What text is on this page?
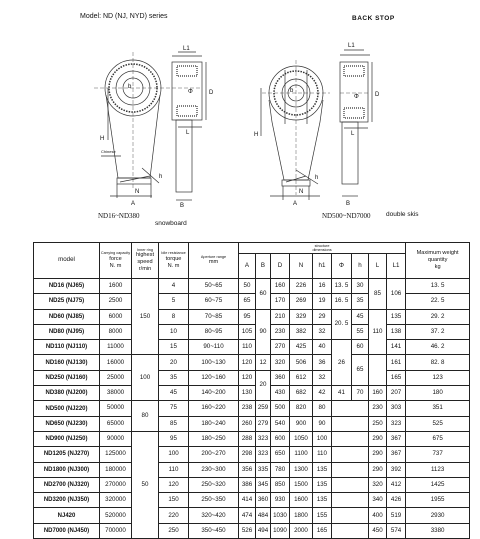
Model: ND (NJ, NYD) series	BACK STOP
L1
D
Φ
L
H
h
A	B
b
N
Chinese
L1
D
Φ
L
H
h
A	B
b
N
ND16~ND380
snowboard
ND500~ND7000 double skis
model	Carrying capacity
force
N. m	Inner ring
highest speed
r/min	Idle resistance
torque
N. m	Aperture range
mm	structure
dimensions									Maximum weight
quantity
kg

					A	B	D	N	h1	Φ	h	L	L1	
ND16 (NJ65)	1600	150	4	50~65	50	60	160	226	16	13. 5	30	85	106	13. 5
ND25 (NJ75)	2500		5	60~75	65		170	269	19	16. 5	35			22. 5
ND60 (NJ85)	6000		8	70~85	95	90	210	329	29	20. 5	45	110	135	29. 2
ND80 (NJ95)	8000		10	80~95	105		230	382	32		55		138	37. 2
ND110 (NJ110)	11000		15	90~110	110		270	425	40	26	60		141	46. 2
ND160 (NJ130)	16000	100	20	100~130	120	12	320	506	36		65		161	82. 8
ND250 (NJ160)	25000		35	120~160	120	20	360	612	32				165	123
ND380 (NJ200)	38000		45	140~200	130		430	682	42	41	70	160	207	180
ND500 (NJ220)	50000	80	75	160~220	238	259	500	820	80			230	303	351
ND650 (NJ230)	65000		85	180~240	260	279	540	900	90			250	323	525
ND900 (NJ250)	90000	50	95	180~250	288	323	600	1050	100			290	367	675
ND1205 (NJ270)	125000		100	200~270	298	323	650	1100	110			290	367	737
ND1800 (NJ300)	180000		110	230~300	356	335	780	1300	135			290	392	1123
ND2700 (NJ320)	270000		120	250~320	386	345	850	1500	135			320	412	1425
ND3200 (NJ350)	320000		150	250~350	414	360	930	1600	135			340	426	1955
NJ420	520000		220	320~420	474	484	1030	1800	155			400	519	2930
ND7000 (NJ450)	700000		250	350~450	526	494	1090	2000	165			450	574	3380
